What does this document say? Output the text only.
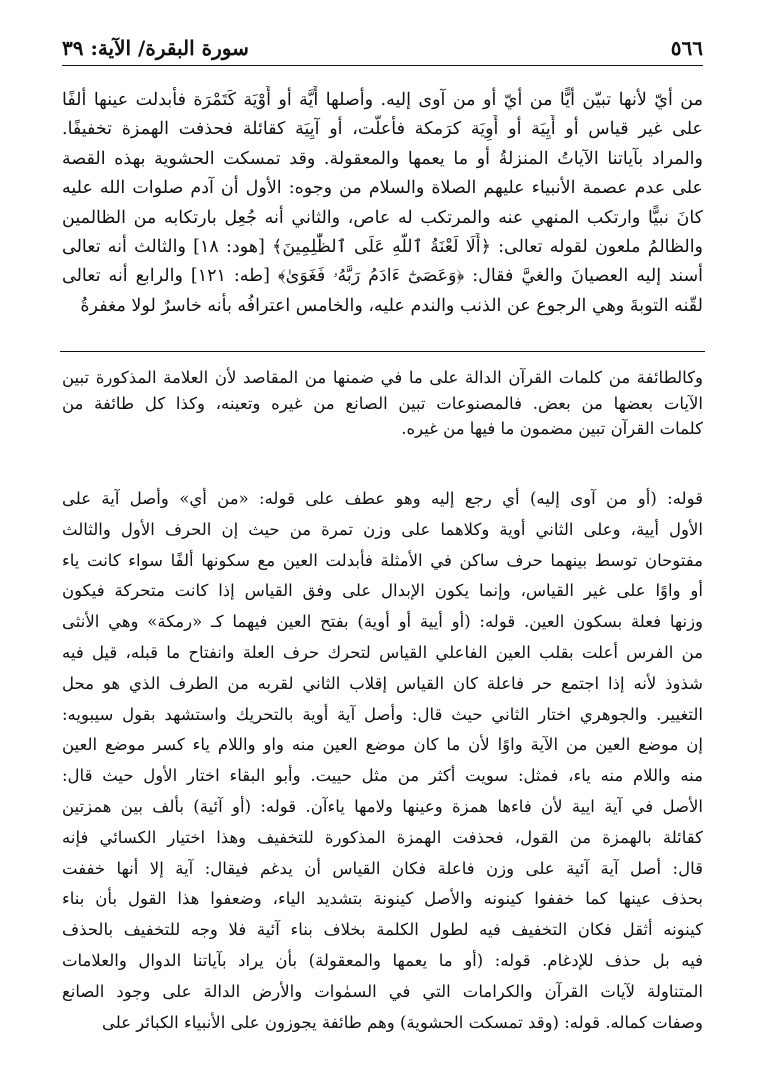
٥٦٦
سورة البقرة/ الآية: ٣٩
من أيّ لأنها تبيّن أيًّا من أيّ أو من آوى إليه. وأصلها أَيَّة أو أَوْيَة كَتَمْرَة فأبدلت عينها ألفًا
على غير قياس أو أَيِيَة أو أَوِيَة كرَمكة فأعلّت، أو آيِيَة كقائلة فحذفت الهمزة تخفيفًا.
والمراد بآياتنا الآياتُ المنزلةُ أو ما يعمها والمعقولة. وقد تمسكت الحشوية بهذه القصة
على عدم عصمة الأنبياء عليهم الصلاة والسلام من وجوه: الأول أن آدم صلوات الله عليه
كانَ نبيًّا وارتكب المنهي عنه والمرتكب له عاص، والثاني أنه جُعِل بارتكابه من الظالمين
والظالمُ ملعون لقوله تعالى: ﴿أَلَا لَعْنَةُ ٱللَّهِ عَلَى ٱلظَّٰلِمِينَ﴾ [هود: ١٨] والثالث أنه تعالى
أسند إليه العصيانَ والغيَّ فقال: ﴿وَعَصَىٰٓ ءَادَمُ رَبَّهُۥ فَغَوَىٰ﴾ [طه: ١٢١] والرابع أنه تعالى
لقّنه التوبةَ وهي الرجوع عن الذنب والندم عليه، والخامس اعترافُه بأنه خاسرٌ لولا مغفرةُ
وكالطائفة من كلمات القرآن الدالة على ما في ضمنها من المقاصد لأن العلامة المذكورة تبين
الآيات بعضها من بعض. فالمصنوعات تبين الصانع من غيره وتعينه، وكذا كل طائفة من
كلمات القرآن تبين مضمون ما فيها من غيره.
قوله: (أو من آوى إليه) أي رجع إليه وهو عطف على قوله: «من أي» وأصل آية على
الأول أيية، وعلى الثاني أوية وكلاهما على وزن تمرة من حيث إن الحرف الأول والثالث
مفتوحان توسط بينهما حرف ساكن في الأمثلة فأبدلت العين مع سكونها ألفًا سواء كانت ياء
أو واوًا على غير القياس، وإنما يكون الإبدال على وفق القياس إذا كانت متحركة فيكون
وزنها فعلة بسكون العين. قوله: (أو أيية أو أوية) بفتح العين فيهما كـ «رمكة» وهي الأنثى
من الفرس أعلت بقلب العين الفاعلي القياس لتحرك حرف العلة وانفتاح ما قبله، قيل فيه
شذوذ لأنه إذا اجتمع حر فاعلة كان القياس إقلاب الثاني لقربه من الطرف الذي هو محل
التغيير. والجوهري اختار الثاني حيث قال: وأصل آية أوية بالتحريك واستشهد بقول سيبويه:
إن موضع العين من الآية واوًا لأن ما كان موضع العين منه واو واللام ياء كسر موضع العين
منه واللام منه ياء، فمثل: سويت أكثر من مثل حييت. وأبو البقاء اختار الأول حيث قال:
الأصل في آية ايية لأن فاءها همزة وعينها ولامها ياءآن. قوله: (أو آئية) بألف بين همزتين
كقائلة بالهمزة من القول، فحذفت الهمزة المذكورة للتخفيف وهذا اختيار الكسائي فإنه
قال: أصل آية آئية على وزن فاعلة فكان القياس أن يدغم فيقال: آية إلا أنها خففت
بحذف عينها كما خففوا كينونه والأصل كينونة بتشديد الياء، وضعفوا هذا القول بأن بناء
كينونه أثقل فكان التخفيف فيه لطول الكلمة بخلاف بناء آئية فلا وجه للتخفيف بالحذف
فيه بل حذف للإدغام. قوله: (أو ما يعمها والمعقولة) بأن يراد بآياتنا الدوال والعلامات
المتناولة لآيات القرآن والكرامات التي في السمٰوات والأرض الدالة على وجود الصانع
وصفات كماله. قوله: (وقد تمسكت الحشوية) وهم طائفة يجوزون على الأنبياء الكبائر على
